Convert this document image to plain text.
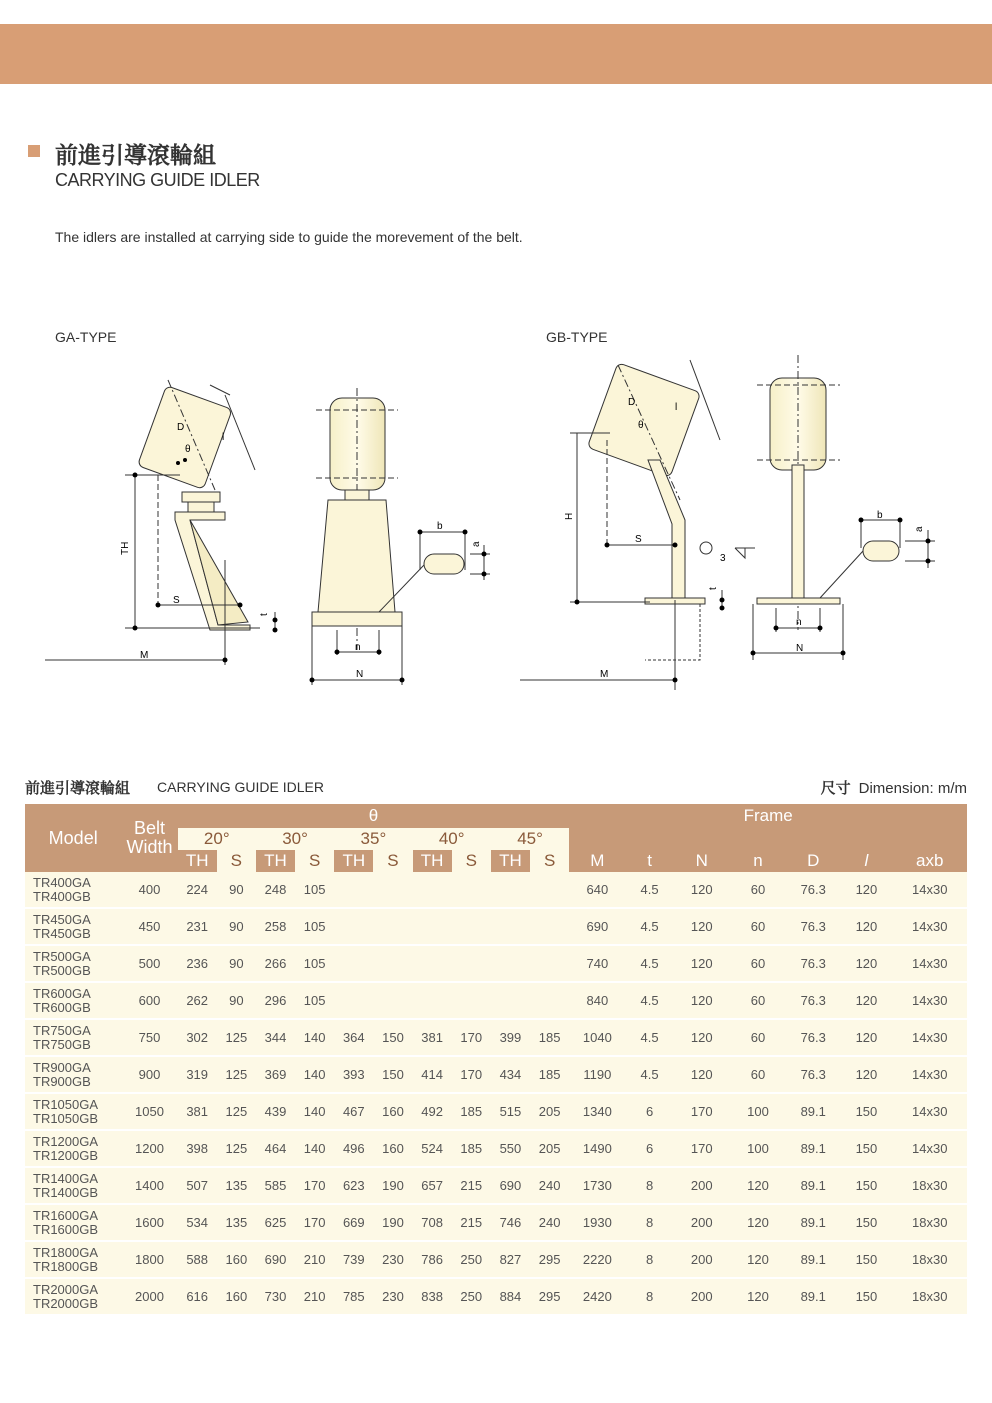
前進引導滾輪組
CARRYING GUIDE IDLER
The idlers are installed at carrying side to guide the morevement of the belt.
GA-TYPE	GB-TYPE
D
l
θ
TH
S
t
M
b
a
n
N
D	l
θ
H
S
3
t
M
b
a
n
N
前進引導滾輪組 CARRYING GUIDE IDLER	尺寸 Dimension: m/m
Model	Belt
Width	θ										Frame						
		20°		30°		35°		40°		45°								
		TH	S	TH	S	TH	S	TH	S	TH	S	M	t	N	n	D	l	axb

TR400GA
TR400GB	400	224	90	248	105							640	4.5	120	60	76.3	120	14x30

TR450GA
TR450GB	450	231	90	258	105							690	4.5	120	60	76.3	120	14x30

TR500GA
TR500GB	500	236	90	266	105							740	4.5	120	60	76.3	120	14x30

TR600GA
TR600GB	600	262	90	296	105							840	4.5	120	60	76.3	120	14x30

TR750GA
TR750GB	750	302	125	344	140	364	150	381	170	399	185	1040	4.5	120	60	76.3	120	14x30

TR900GA
TR900GB	900	319	125	369	140	393	150	414	170	434	185	1190	4.5	120	60	76.3	120	14x30

TR1050GA
TR1050GB	1050	381	125	439	140	467	160	492	185	515	205	1340	6	170	100	89.1	150	14x30

TR1200GA
TR1200GB	1200	398	125	464	140	496	160	524	185	550	205	1490	6	170	100	89.1	150	14x30

TR1400GA
TR1400GB	1400	507	135	585	170	623	190	657	215	690	240	1730	8	200	120	89.1	150	18x30

TR1600GA
TR1600GB	1600	534	135	625	170	669	190	708	215	746	240	1930	8	200	120	89.1	150	18x30

TR1800GA
TR1800GB	1800	588	160	690	210	739	230	786	250	827	295	2220	8	200	120	89.1	150	18x30

TR2000GA
TR2000GB	2000	616	160	730	210	785	230	838	250	884	295	2420	8	200	120	89.1	150	18x30
